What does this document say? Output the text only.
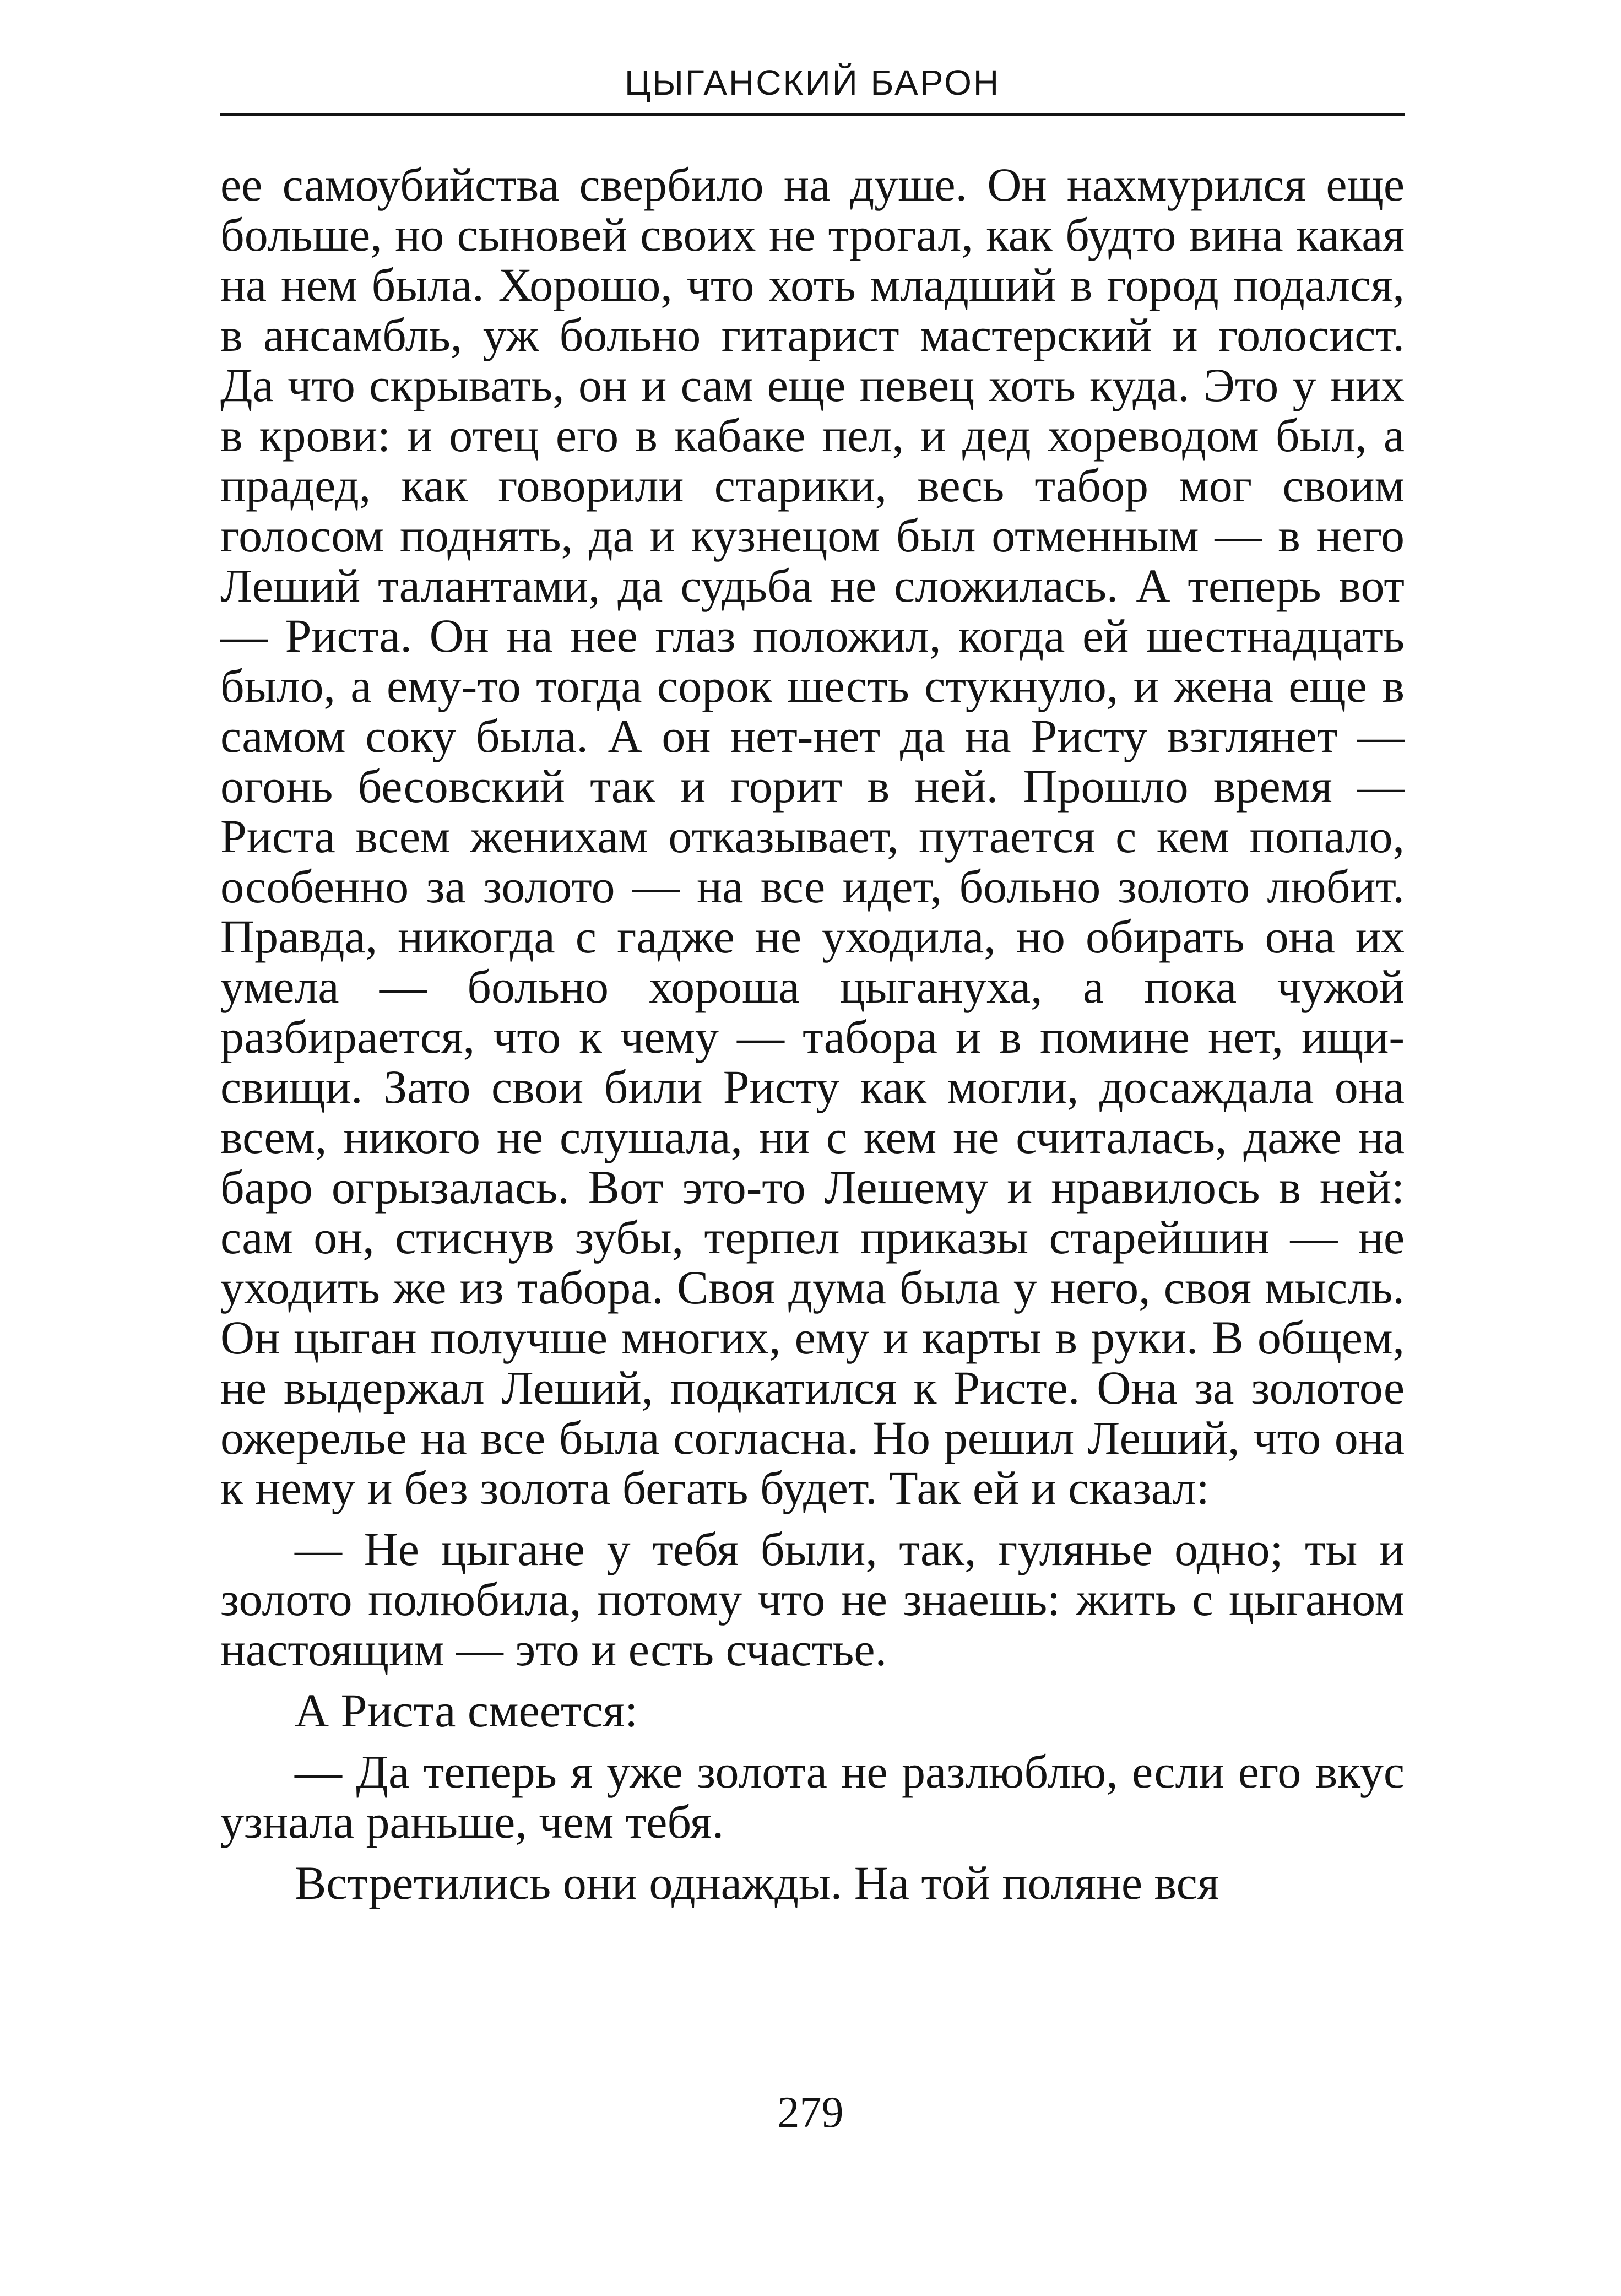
ЦЫГАНСКИЙ БАРОН

ее самоубийства свербило на душе. Он нахмурился еще больше, но сыновей своих не трогал, как будто вина какая на нем была. Хорошо, что хоть младший в город подался, в ансамбль, уж больно гитарист мастерский и голосист. Да что скрывать, он и сам еще певец хоть куда. Это у них в крови: и отец его в кабаке пел, и дед хореводом был, а прадед, как говорили старики, весь табор мог своим голосом поднять, да и кузнецом был отменным — в него Леший талантами, да судьба не сложилась. А теперь вот — Риста. Он на нее глаз положил, когда ей шестнадцать было, а ему-то тогда сорок шесть стукнуло, и жена еще в самом соку была. А он нет-нет да на Ристу взглянет — огонь бесовский так и горит в ней. Прошло время — Риста всем женихам отказывает, путается с кем попало, особенно за золото — на все идет, больно золото любит. Правда, никогда с гадже не уходила, но обирать она их умела — больно хороша цыгануха, а пока чужой разбирается, что к чему — табора и в помине нет, ищи-свищи. Зато свои били Ристу как могли, досаждала она всем, никого не слушала, ни с кем не считалась, даже на баро огрызалась. Вот это-то Лешему и нравилось в ней: сам он, стиснув зубы, терпел приказы старейшин — не уходить же из табора. Своя дума была у него, своя мысль. Он цыган получше многих, ему и карты в руки. В общем, не выдержал Леший, подкатился к Ристе. Она за золотое ожерелье на все была согласна. Но решил Леший, что она к нему и без золота бегать будет. Так ей и сказал:

— Не цыгане у тебя были, так, гулянье одно; ты и золото полюбила, потому что не знаешь: жить с цыганом настоящим — это и есть счастье.

А Риста смеется:

— Да теперь я уже золота не разлюблю, если его вкус узнала раньше, чем тебя.

Встретились они однажды. На той поляне вся

279
